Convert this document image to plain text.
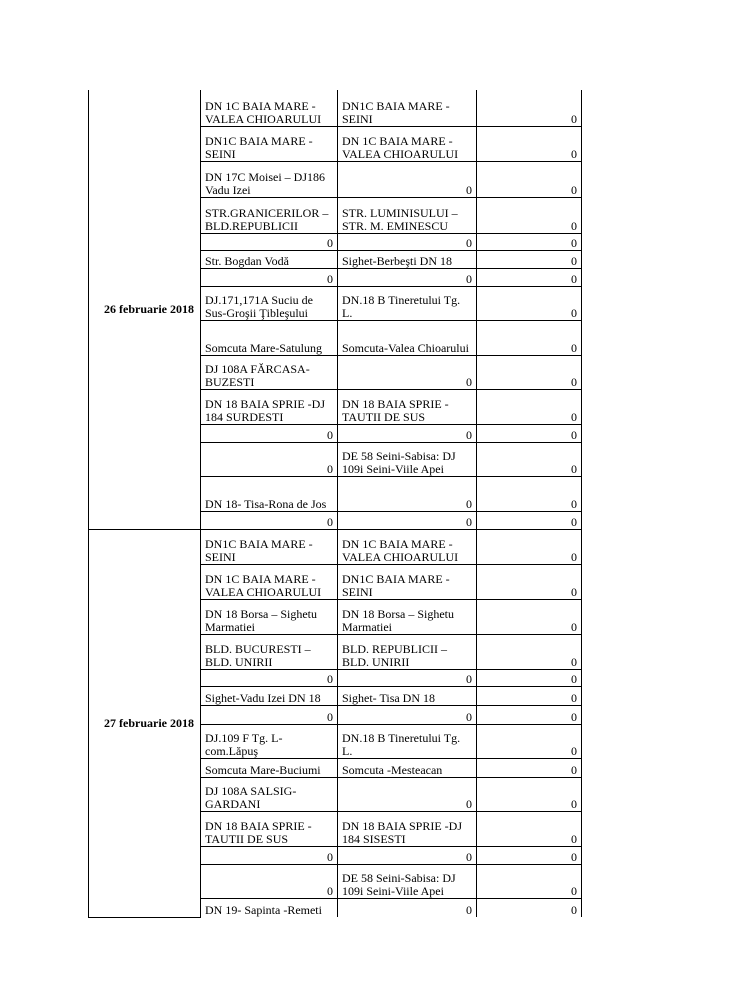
26 februarie 2018	DN 1C BAIA MARE - VALEA CHIOARULUI	DN1C BAIA MARE - SEINI	0
	DN1C BAIA MARE - SEINI	DN 1C BAIA MARE - VALEA CHIOARULUI	0
	DN 17C Moisei – DJ186 Vadu Izei	0	0
	STR.GRANICERILOR – BLD.REPUBLICII	STR. LUMINISULUI – STR. M. EMINESCU	0
	0	0	0
	Str. Bogdan Vodă	Sighet-Berbeşti DN 18	0
	0	0	0
	DJ.171,171A Suciu de Sus-Groşii Ţibleşului	DN.18 B Tineretului Tg. L.	0
	Somcuta Mare-Satulung	Somcuta-Valea Chioarului	0
	DJ 108A FĂRCASA-BUZESTI	0	0
	DN 18 BAIA SPRIE -DJ 184 SURDESTI	DN 18 BAIA SPRIE - TAUTII DE SUS	0
	0	0	0
	0	DE 58 Seini-Sabisa: DJ 109i Seini-Viile Apei	0
	DN 18- Tisa-Rona de Jos	0	0
	0	0	0
27 februarie 2018	DN1C BAIA MARE - SEINI	DN 1C BAIA MARE - VALEA CHIOARULUI	0
	DN 1C BAIA MARE - VALEA CHIOARULUI	DN1C BAIA MARE - SEINI	0
	DN 18 Borsa – Sighetu Marmatiei	DN 18 Borsa – Sighetu Marmatiei	0
	BLD. BUCURESTI – BLD. UNIRII	BLD. REPUBLICII – BLD. UNIRII	0
	0	0	0
	Sighet-Vadu Izei DN 18	Sighet- Tisa DN 18	0
	0	0	0
	DJ.109 F Tg. L-com.Lăpuş	DN.18 B Tineretului Tg. L.	0
	Somcuta Mare-Buciumi	Somcuta -Mesteacan	0
	DJ 108A SALSIG-GARDANI	0	0
	DN 18 BAIA SPRIE - TAUTII DE SUS	DN 18 BAIA SPRIE -DJ 184 SISESTI	0
	0	0	0
	0	DE 58 Seini-Sabisa: DJ 109i Seini-Viile Apei	0
	DN 19- Sapinta -Remeti	0	0
